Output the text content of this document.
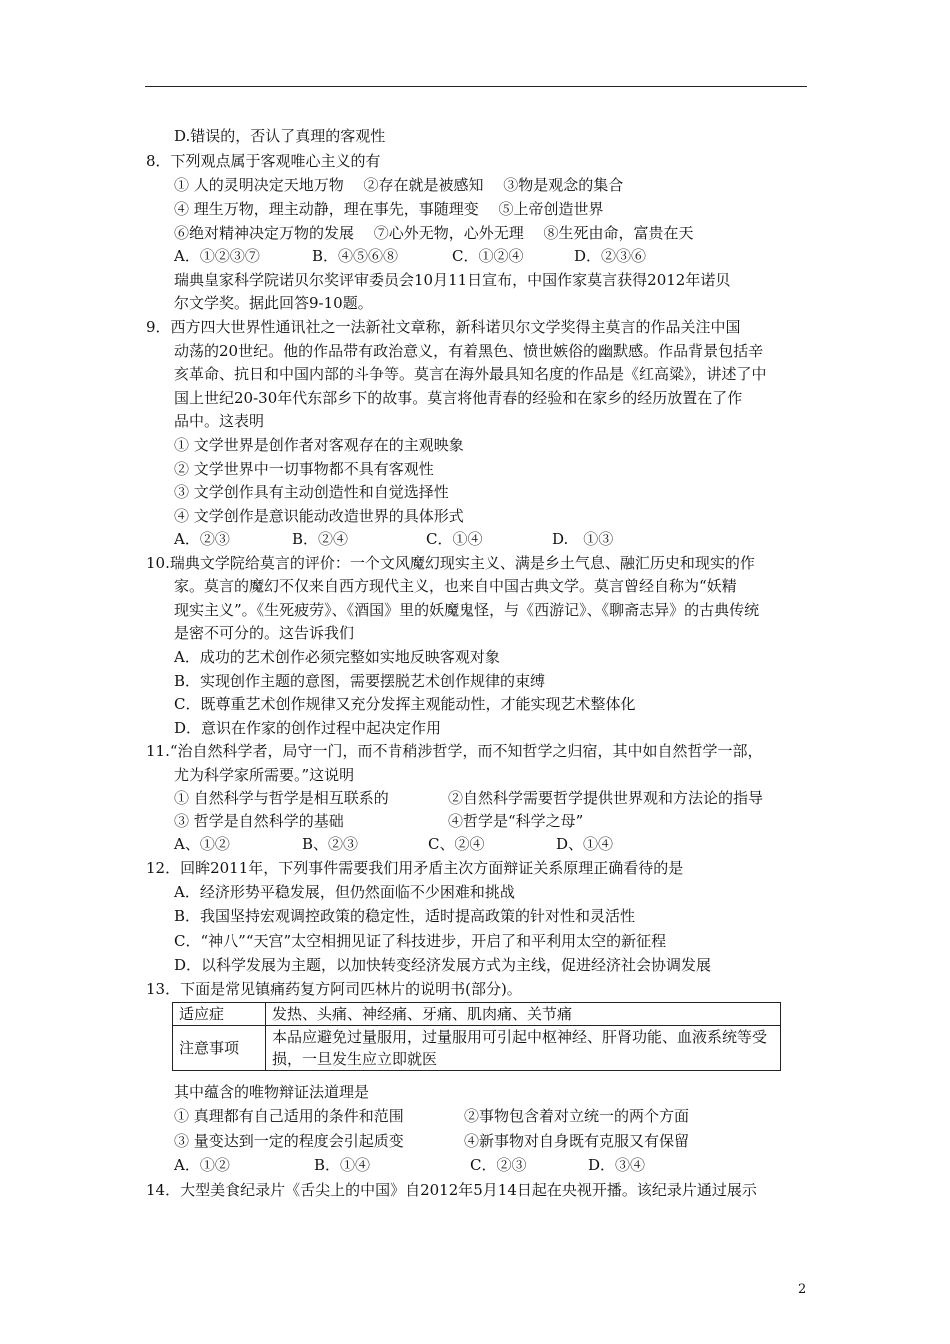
D.错误的，否认了真理的客观性
8．下列观点属于客观唯心主义的有
① 人的灵明决定天地万物　 ②存在就是被感知　 ③物是观念的集合
④ 理生万物，理主动静，理在事先，事随理变　 ⑤上帝创造世界
⑥绝对精神决定万物的发展　 ⑦心外无物，心外无理　 ⑧生死由命，富贵在天
A．①②③⑦	B．④⑤⑥⑧	C．①②④	D．②③⑥
瑞典皇家科学院诺贝尔奖评审委员会10月11日宣布，中国作家莫言获得2012年诺贝
尔文学奖。据此回答9-10题。
9．西方四大世界性通讯社之一法新社文章称，新科诺贝尔文学奖得主莫言的作品关注中国
动荡的20世纪。他的作品带有政治意义，有着黑色、愤世嫉俗的幽默感。作品背景包括辛
亥革命、抗日和中国内部的斗争等。莫言在海外最具知名度的作品是《红高粱》，讲述了中
国上世纪20-30年代东部乡下的故事。莫言将他青春的经验和在家乡的经历放置在了作
品中。这表明
① 文学世界是创作者对客观存在的主观映象
② 文学世界中一切事物都不具有客观性
③ 文学创作具有主动创造性和自觉选择性
④ 文学创作是意识能动改造世界的具体形式
A．②③	B．②④	C．①④	D.　①③
10.瑞典文学院给莫言的评价：一个文风魔幻现实主义、满是乡土气息、融汇历史和现实的作
家。莫言的魔幻不仅来自西方现代主义，也来自中国古典文学。莫言曾经自称为“妖精
现实主义”。《生死疲劳》、《酒国》里的妖魔鬼怪，与《西游记》、《聊斋志异》的古典传统
是密不可分的。这告诉我们
A．成功的艺术创作必须完整如实地反映客观对象
B．实现创作主题的意图，需要摆脱艺术创作规律的束缚
C．既尊重艺术创作规律又充分发挥主观能动性，才能实现艺术整体化
D．意识在作家的创作过程中起决定作用
11.“治自然科学者，局守一门，而不肯稍涉哲学，而不知哲学之归宿，其中如自然哲学一部，
尤为科学家所需要。”这说明
① 自然科学与哲学是相互联系的	②自然科学需要哲学提供世界观和方法论的指导
③ 哲学是自然科学的基础	④哲学是“科学之母”
A、①②	B、②③	C、②④	D、①④
12．回眸2011年，下列事件需要我们用矛盾主次方面辩证关系原理正确看待的是
A．经济形势平稳发展，但仍然面临不少困难和挑战
B．我国坚持宏观调控政策的稳定性，适时提高政策的针对性和灵活性
C．“神八”“天宫”太空相拥见证了科技进步，开启了和平利用太空的新征程
D．以科学发展为主题，以加快转变经济发展方式为主线，促进经济社会协调发展
13．下面是常见镇痛药复方阿司匹林片的说明书(部分)。
适应症	发热、头痛、神经痛、牙痛、肌肉痛、关节痛
注意事项	本品应避免过量服用，过量服用可引起中枢神经、肝肾功能、血液系统等受损，一旦发生应立即就医
其中蕴含的唯物辩证法道理是
① 真理都有自己适用的条件和范围	②事物包含着对立统一的两个方面
③ 量变达到一定的程度会引起质变	④新事物对自身既有克服又有保留
A．①②	B．①④	C．②③	D．③④
14．大型美食纪录片《舌尖上的中国》自2012年5月14日起在央视开播。该纪录片通过展示
2
